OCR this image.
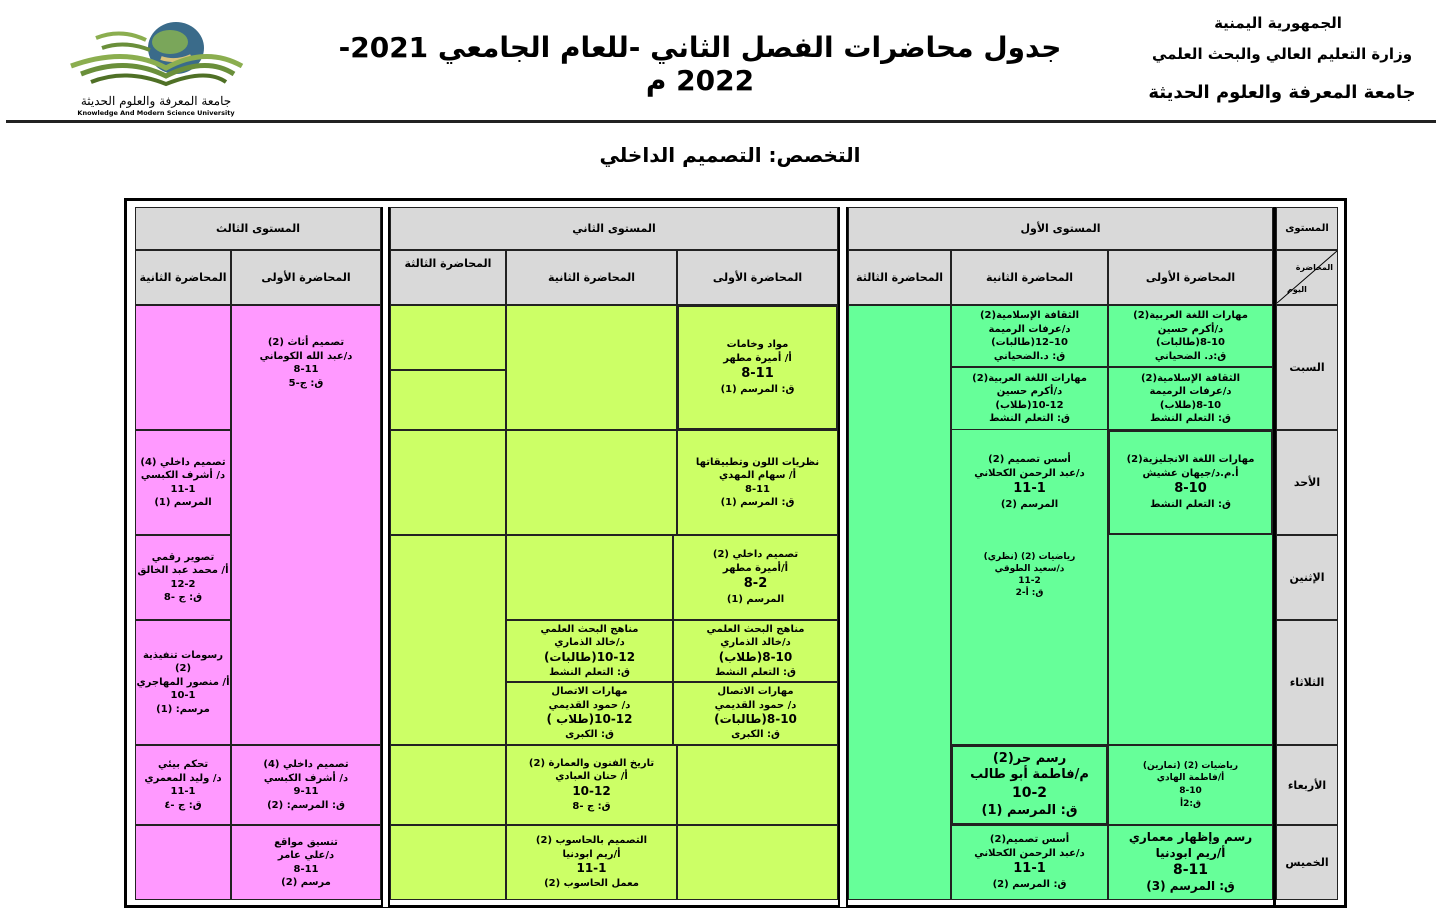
الجمهورية اليمنية
وزارة التعليم العالي والبحث العلمي
جامعة المعرفة والعلوم الحديثة
جدول محاضرات الفصل الثاني -للعام الجامعي 2021-2022 م
جامعة المعرفة والعلوم الحديثة
Knowledge And Modern Science University
التخصص: التصميم الداخلي
المستوى
المستوى الأول
المستوى الثاني
المستوى الثالث
المحاضرة
اليوم
المحاضرة الأولى
المحاضرة الثانية
المحاضرة الثالثة
المحاضرة الأولى
المحاضرة الثانية
المحاضرة الثالثة
المحاضرة الأولى
المحاضرة الثانية
السبت
الأحد
الإثنين
الثلاثاء
الأربعاء
الخميس
مهارات اللغة العربية(2)
د/أكرم حسين
8-10(طالبات)
ق:د. الضحياني
الثقافة الإسلامية(2)
د/عرفات الرميمة
8-10(طلاب)
ق: التعلم النشط
الثقافة الإسلامية(2)
د/عرفات الرميمة
10–12(طالبات)
ق: د.الضحياني
مهارات اللغة العربية(2)
د/أكرم حسين
10-12(طلاب)
ق: التعلم النشط
مهارات اللغة الانجليزية(2)
أ.م.د/جيهان عشيش
8-10
ق: التعلم النشط
أسس تصميم (2)
د/عبد الرحمن الكحلاني
11-1
المرسم (2)
رياضيات (2) (نظري)
د/سعيد الطوقي
11-2
ق: أ-2
رياضيات (2) (تمارين)
أ/فاطمة الهادي
8-10
ق:2أ
رسم حر(2)
م/فاطمة أبو طالب
10-2
ق: المرسم (1)
رسم وإظهار معماري
أ/ريم ابودنيا
8-11
ق: المرسم (3)
أسس تصميم(2)
د/عبد الرحمن الكحلاني
11-1
ق: المرسم (2)
مناهج البحث العلمي
د/خالد الذماري
10-12(طالبات)
ق: التعلم النشط
مهارات الاتصال
د/ حمود القديمي
10-12(طلاب )
ق: الكبرى
تاريخ الفنون والعمارة (2)
أ/ حنان العبادي
10-12
ق: ج -8
التصميم بالحاسوب (2)
أ/ريم ابودنيا
11-1
معمل الحاسوب (2)
مواد وخامات
أ/ أميرة مطهر
8-11
ق: المرسم (1)
نظريات اللون وتطبيقاتها
أ/ سهام المهدي
8-11
ق: المرسم (1)
تصميم داخلي (2)
أ/أميرة مطهر
8-2
المرسم (1)
مناهج البحث العلمي
د/خالد الذماري
8-10(طلاب)
ق: التعلم النشط
مهارات الاتصال
د/ حمود القديمي
8-10(طالبات)
ق: الكبرى
تصميم أثاث (2)
د/عبد الله الكوماني
8-11
ق: ج-5
تصميم داخلي (4)
د/ أشرف الكبسي
11-1
المرسم (1)
تصوير رقمي
أ/ محمد عبد الخالق
12-2
ق: ج -8
رسومات تنفيذية
(2)
أ/ منصور المهاجري
10-1
مرسم: (1)
تصميم داخلي (4)
د/ أشرف الكبسي
9-11
ق: المرسم: (2)
تحكم بيئي
د/ وليد المعمري
11-1
ق: ج -٤
تنسيق مواقع
د/علي عامر
8-11
مرسم (2)
